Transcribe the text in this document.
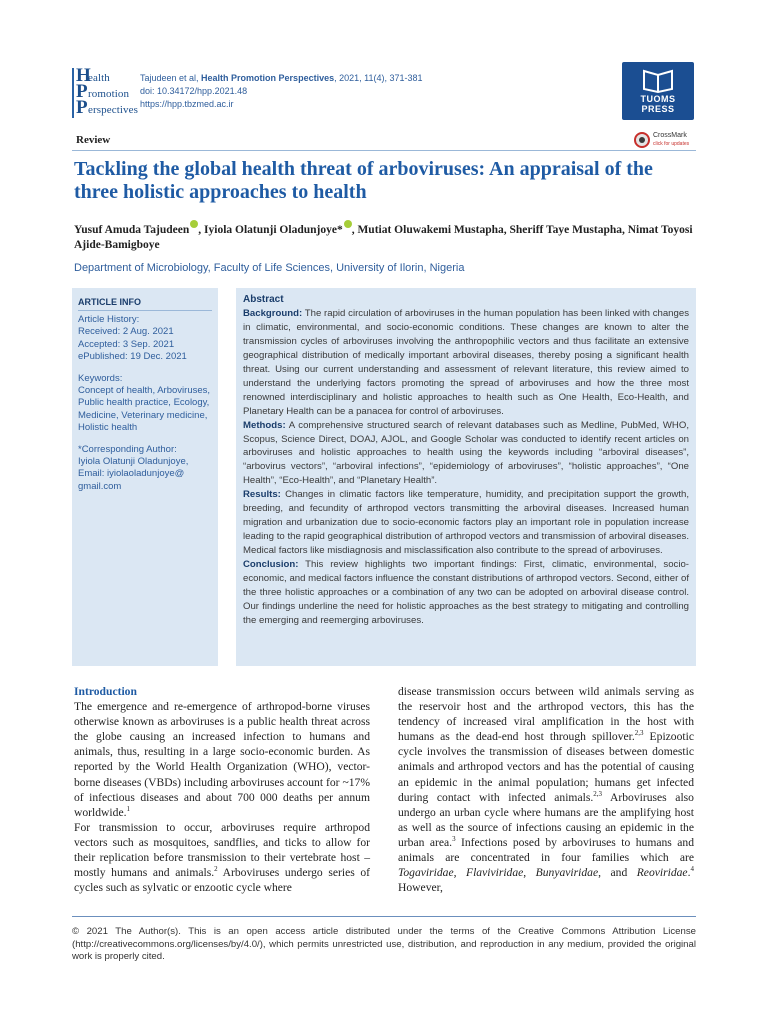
H
ealth
P romotion
P erspectives
Tajudeen et al, Health Promotion Perspectives, 2021, 11(4), 371-381
doi: 10.34172/hpp.2021.48
https://hpp.tbzmed.ac.ir	TUOMS
PRESS
Review	CrossMark
click for updates
Tackling the global health threat of arboviruses: An appraisal of the three holistic approaches to health
Yusuf Amuda Tajudeen , Iyiola Olatunji Oladunjoye* , Mutiat Oluwakemi Mustapha, Sheriff Taye Mustapha, Nimat Toyosi Ajide-Bamigboye
Department of Microbiology, Faculty of Life Sciences, University of Ilorin, Nigeria
ARTICLE INFO
Article History:
Received: 2 Aug. 2021
Accepted: 3 Sep. 2021
ePublished: 19 Dec. 2021
Keywords:
Concept of health, Arboviruses, Public health practice, Ecology, Medicine, Veterinary medicine, Holistic health
*Corresponding Author:
Iyiola Olatunji Oladunjoye,
Email: iyiolaoladunjoye@ gmail.com
Abstract
Background: The rapid circulation of arboviruses in the human population has been linked with changes in climatic, environmental, and socio-economic conditions. These changes are known to alter the transmission cycles of arboviruses involving the anthropophilic vectors and thus facilitate an extensive geographical distribution of medically important arboviral diseases, thereby posing a significant health threat. Using our current understanding and assessment of relevant literature, this review aimed to understand the underlying factors promoting the spread of arboviruses and how the three most renowned interdisciplinary and holistic approaches to health such as One Health, Eco-Health, and Planetary Health can be a panacea for control of arboviruses.
Methods: A comprehensive structured search of relevant databases such as Medline, PubMed, WHO, Scopus, Science Direct, DOAJ, AJOL, and Google Scholar was conducted to identify recent articles on arboviruses and holistic approaches to health using the keywords including “arboviral diseases”, “arbovirus vectors”, “arboviral infections”, “epidemiology of arboviruses”, “holistic approaches”, “One Health”, “Eco-Health”, and “Planetary Health”.
Results: Changes in climatic factors like temperature, humidity, and precipitation support the growth, breeding, and fecundity of arthropod vectors transmitting the arboviral diseases. Increased human migration and urbanization due to socio-economic factors play an important role in population increase leading to the rapid geographical distribution of arthropod vectors and transmission of arboviral diseases. Medical factors like misdiagnosis and misclassification also contribute to the spread of arboviruses.
Conclusion: This review highlights two important findings: First, climatic, environmental, socio-economic, and medical factors influence the constant distributions of arthropod vectors. Second, either of the three holistic approaches or a combination of any two can be adopted on arboviral disease control. Our findings underline the need for holistic approaches as the best strategy to mitigating and controlling the emerging and reemerging arboviruses.
Introduction

The emergence and re-emergence of arthropod-borne viruses otherwise known as arboviruses is a public health threat across the globe causing an increased infection to humans and animals, thus, resulting in a large socio-economic burden. As reported by the World Health Organization (WHO), vector-borne diseases (VBDs) including arboviruses account for ~17% of infectious diseases and about 700 000 deaths per annum worldwide.$^1$

For transmission to occur, arboviruses require arthropod vectors such as mosquitoes, sandflies, and ticks to allow for their replication before transmission to their vertebrate host – mostly humans and animals.$^2$ Arboviruses undergo series of cycles such as sylvatic or enzootic cycle where

disease transmission occurs between wild animals serving as the reservoir host and the arthropod vectors, this has the tendency of increased viral amplification in the host with humans as the dead-end host through spillover.$^{2,3}$ Epizootic cycle involves the transmission of diseases between domestic animals and arthropod vectors and has the potential of causing an epidemic in the animal population; humans get infected during contact with infected animals.$^{2,3}$ Arboviruses also undergo an urban cycle where humans are the amplifying host as well as the source of infections causing an epidemic in the urban area.$^3$ Infections posed by arboviruses to humans and animals are concentrated in four families which are Togaviridae, Flaviviridae, Bunyaviridae, and Reoviridae.$^4$ However,

© 2021 The Author(s). This is an open access article distributed under the terms of the Creative Commons Attribution License (http://creativecommons.org/licenses/by/4.0/), which permits unrestricted use, distribution, and reproduction in any medium, provided the original work is properly cited.
